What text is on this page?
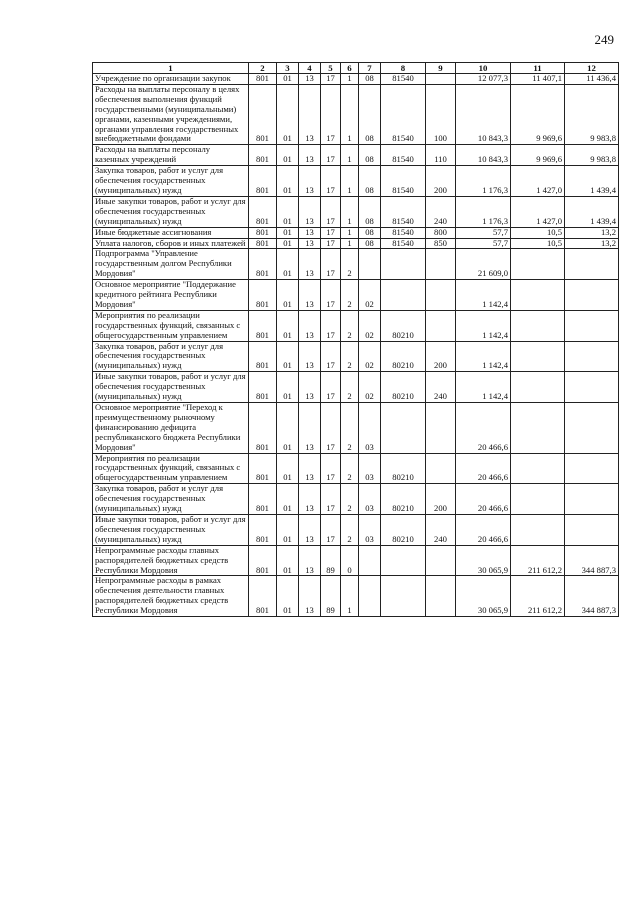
249
1	2	3	4	5	6	7	8	9	10	11	12
Учреждение по организации закупок	801	01	13	17	1	08	81540		12 077,3	11 407,1	11 436,4
Расходы на выплаты персоналу в целях обеспечения выполнения функций государственными (муниципальными) органами, казенными учреждениями, органами управления государственных внебюджетными фондами	801	01	13	17	1	08	81540	100	10 843,3	9 969,6	9 983,8
Расходы на выплаты персоналу казенных учреждений	801	01	13	17	1	08	81540	110	10 843,3	9 969,6	9 983,8
Закупка товаров, работ и услуг для обеспечения государственных (муниципальных) нужд	801	01	13	17	1	08	81540	200	1 176,3	1 427,0	1 439,4
Иные закупки товаров, работ и услуг для обеспечения государственных (муниципальных) нужд	801	01	13	17	1	08	81540	240	1 176,3	1 427,0	1 439,4
Иные бюджетные ассигнования	801	01	13	17	1	08	81540	800	57,7	10,5	13,2
Уплата налогов, сборов и иных платежей	801	01	13	17	1	08	81540	850	57,7	10,5	13,2
Подпрограмма "Управление государственным долгом Республики Мордовия"	801	01	13	17	2				21 609,0		
Основное мероприятие "Поддержание кредитного рейтинга Республики Мордовия"	801	01	13	17	2	02			1 142,4		
Мероприятия по реализации государственных функций, связанных с общегосударственным управлением	801	01	13	17	2	02	80210		1 142,4		
Закупка товаров, работ и услуг для обеспечения государственных (муниципальных) нужд	801	01	13	17	2	02	80210	200	1 142,4		
Иные закупки товаров, работ и услуг для обеспечения государственных (муниципальных) нужд	801	01	13	17	2	02	80210	240	1 142,4		
Основное мероприятие "Переход к преимущественному рыночному финансированию дефицита республиканского бюджета Республики Мордовия"	801	01	13	17	2	03			20 466,6		
Мероприятия по реализации государственных функций, связанных с общегосударственным управлением	801	01	13	17	2	03	80210		20 466,6		
Закупка товаров, работ и услуг для обеспечения государственных (муниципальных) нужд	801	01	13	17	2	03	80210	200	20 466,6		
Иные закупки товаров, работ и услуг для обеспечения государственных (муниципальных) нужд	801	01	13	17	2	03	80210	240	20 466,6		
Непрограммные расходы главных распорядителей бюджетных средств Республики Мордовия	801	01	13	89	0				30 065,9	211 612,2	344 887,3
Непрограммные расходы в рамках обеспечения деятельности главных распорядителей бюджетных средств Республики Мордовия	801	01	13	89	1				30 065,9	211 612,2	344 887,3
